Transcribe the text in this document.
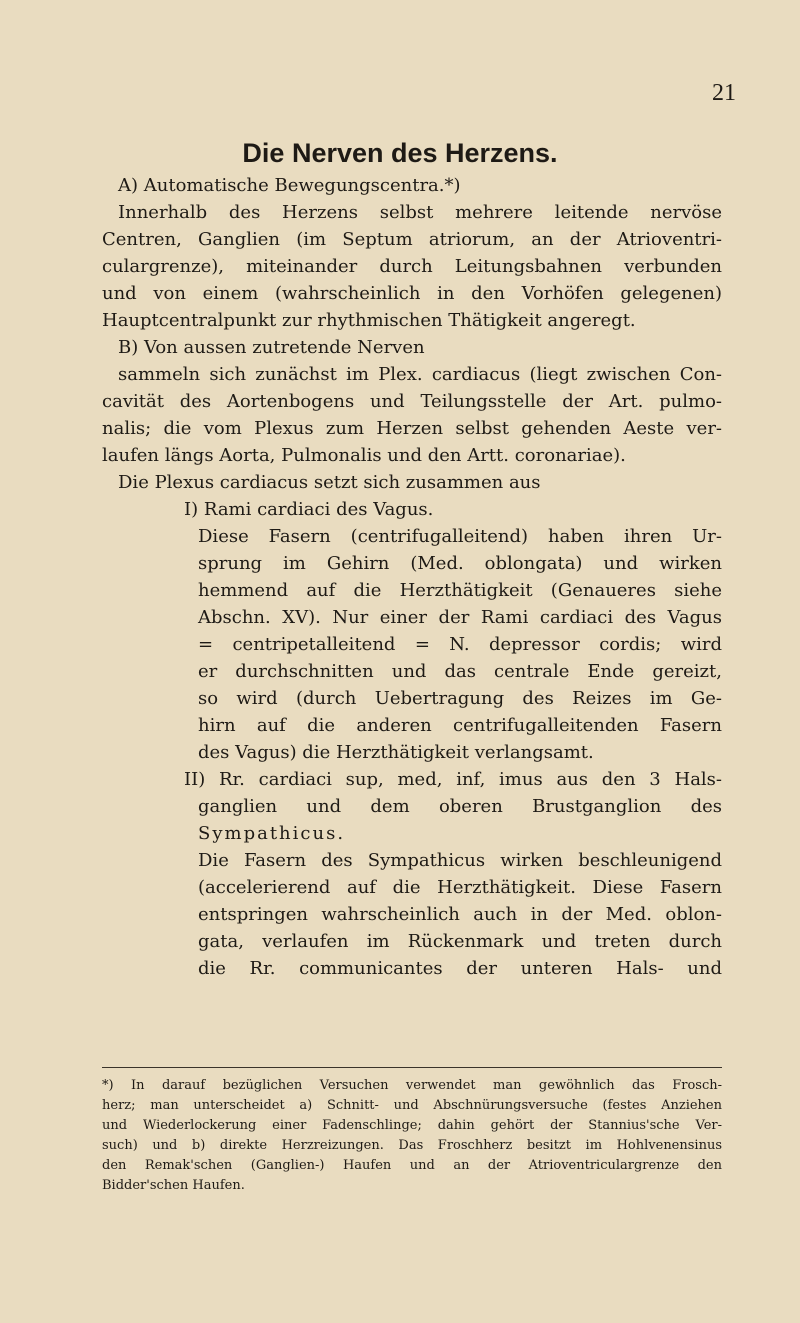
21
Die Nerven des Herzens.
A) Automatische Bewegungscentra.*)
Innerhalb des Herzens selbst mehrere leitende nervöse
Centren, Ganglien (im Septum atriorum, an der Atrioventri-
culargrenze), miteinander durch Leitungsbahnen verbunden
und von einem (wahrscheinlich in den Vorhöfen gelegenen)
Hauptcentralpunkt zur rhythmischen Thätigkeit angeregt.
B) Von aussen zutretende Nerven
sammeln sich zunächst im Plex. cardiacus (liegt zwischen Con-
cavität des Aortenbogens und Teilungsstelle der Art. pulmo-
nalis; die vom Plexus zum Herzen selbst gehenden Aeste ver-
laufen längs Aorta, Pulmonalis und den Artt. coronariae).
Die Plexus cardiacus setzt sich zusammen aus
I) Rami cardiaci des Vagus.
Diese Fasern (centrifugalleitend) haben ihren Ur-
sprung im Gehirn (Med. oblongata) und wirken
hemmend auf die Herzthätigkeit (Genaueres siehe
Abschn. XV). Nur einer der Rami cardiaci des Vagus
= centripetalleitend = N. depressor cordis; wird
er durchschnitten und das centrale Ende gereizt,
so wird (durch Uebertragung des Reizes im Ge-
hirn auf die anderen centrifugalleitenden Fasern
des Vagus) die Herzthätigkeit verlangsamt.
II) Rr. cardiaci sup, med, inf, imus aus den 3 Hals-
ganglien und dem oberen Brustganglion des
Sympathicus.
Die Fasern des Sympathicus wirken beschleunigend
(accelerierend auf die Herzthätigkeit. Diese Fasern
entspringen wahrscheinlich auch in der Med. oblon-
gata, verlaufen im Rückenmark und treten durch
die Rr. communicantes der unteren Hals- und
*) In darauf bezüglichen Versuchen verwendet man gewöhnlich das Frosch-
herz; man unterscheidet a) Schnitt- und Abschnürungsversuche (festes Anziehen
und Wiederlockerung einer Fadenschlinge; dahin gehört der Stannius'sche Ver-
such) und b) direkte Herzreizungen. Das Froschherz besitzt im Hohlvenensinus
den Remak'schen (Ganglien-) Haufen und an der Atrioventriculargrenze den
Bidder'schen Haufen.
